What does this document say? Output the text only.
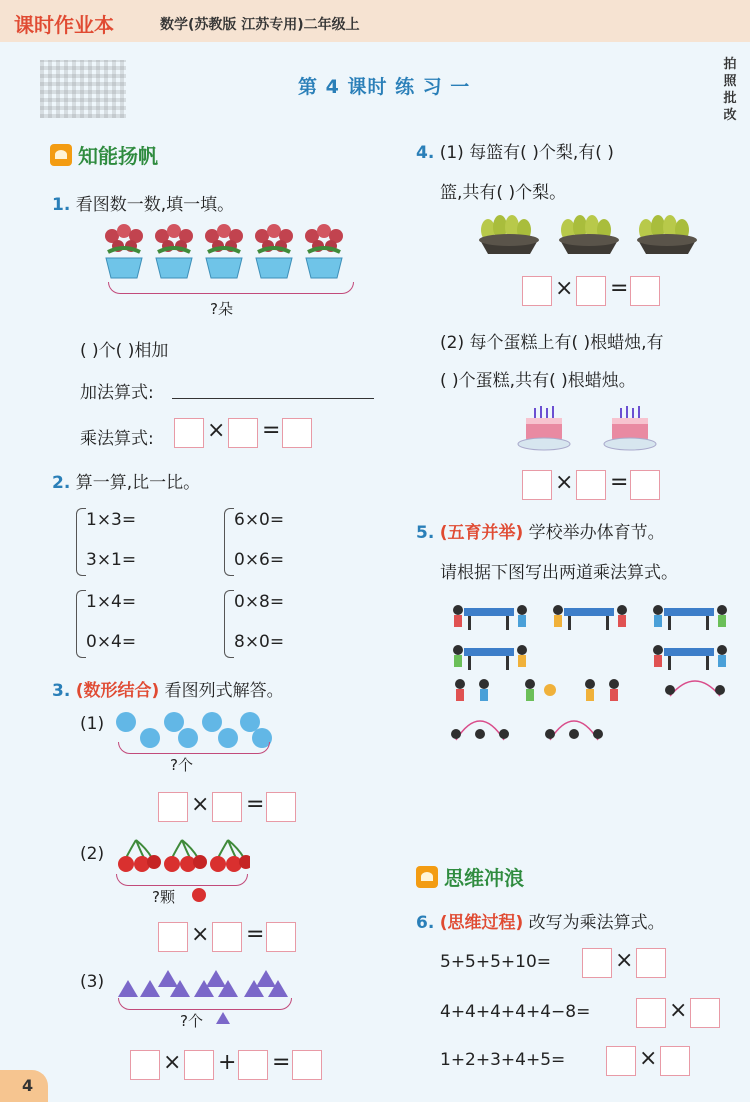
课时作业本	数学(苏教版 江苏专用)二年级上
第 4 课时 练 习 一
拍照批改

知能扬帆
1. 看图数一数,填一填。
?朵
( )个( )相加
加法算式:
乘法算式: × =
2. 算一算,比一比。
1×3=	6×0=
3×1=	0×6=
1×4=	0×8=
0×4=	8×0=
3. (数形结合) 看图列式解答。
(1)
?个
× =
(2)
?颗
× =
(3)
?个
× + =
4. (1) 每篮有( )个梨,有( )
篮,共有( )个梨。
× =
(2) 每个蛋糕上有( )根蜡烛,有
( )个蛋糕,共有( )根蜡烛。
× =
5. (五育并举) 学校举办体育节。
请根据下图写出两道乘法算式。
思维冲浪
6. (思维过程) 改写为乘法算式。
5+5+5+10=	×
4+4+4+4+4−8=	×
1+2+3+4+5=	×
4
